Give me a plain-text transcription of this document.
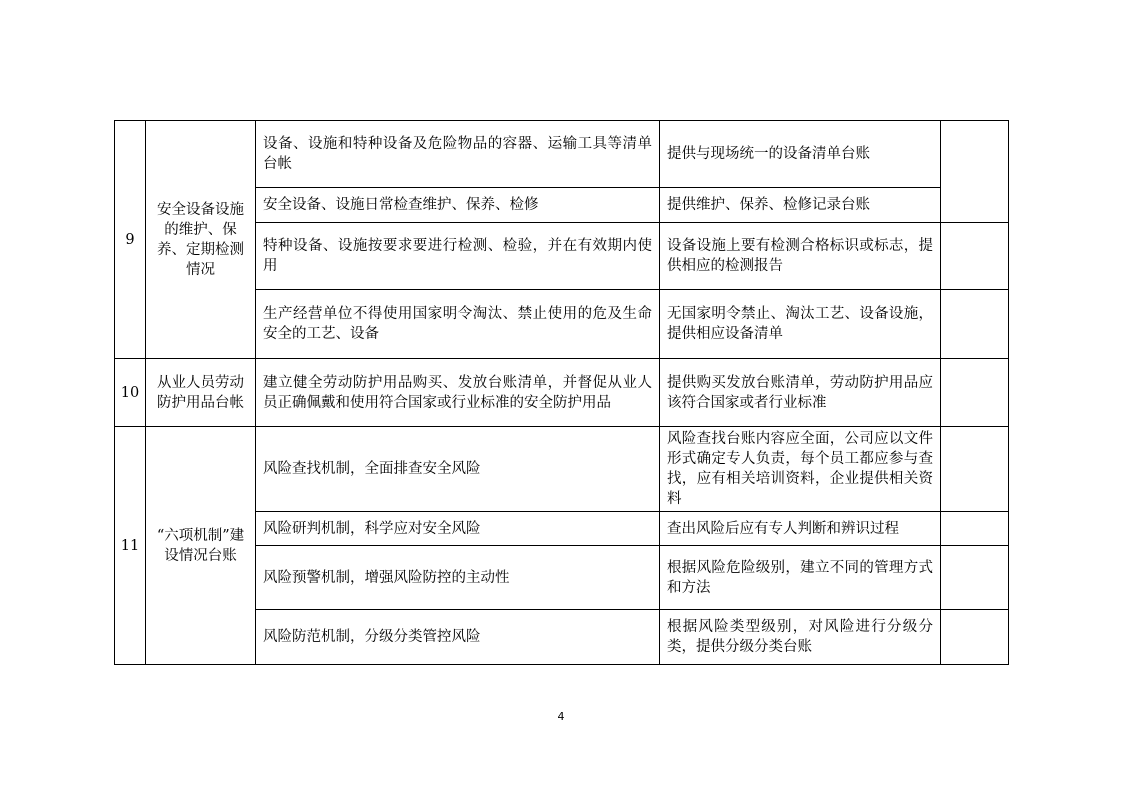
9	安全设备设施的维护、保养、定期检测情况	设备、设施和特种设备及危险物品的容器、运输工具等清单台帐	提供与现场统一的设备清单台账	
		安全设备、设施日常检查维护、保养、检修	提供维护、保养、检修记录台账	
		特种设备、设施按要求要进行检测、检验，并在有效期内使用	设备设施上要有检测合格标识或标志，提供相应的检测报告	
		生产经营单位不得使用国家明令淘汰、禁止使用的危及生命安全的工艺、设备	无国家明令禁止、淘汰工艺、设备设施，提供相应设备清单	
10	从业人员劳动防护用品台帐	建立健全劳动防护用品购买、发放台账清单，并督促从业人员正确佩戴和使用符合国家或行业标准的安全防护用品	提供购买发放台账清单，劳动防护用品应该符合国家或者行业标准	
11	“六项机制”建设情况台账	风险查找机制，全面排查安全风险	风险查找台账内容应全面，公司应以文件形式确定专人负责，每个员工都应参与查找，应有相关培训资料，企业提供相关资料	
		风险研判机制，科学应对安全风险	查出风险后应有专人判断和辨识过程	
		风险预警机制，增强风险防控的主动性	根据风险危险级别，建立不同的管理方式和方法	
		风险防范机制，分级分类管控风险	根据风险类型级别，对风险进行分级分类，提供分级分类台账	
4
